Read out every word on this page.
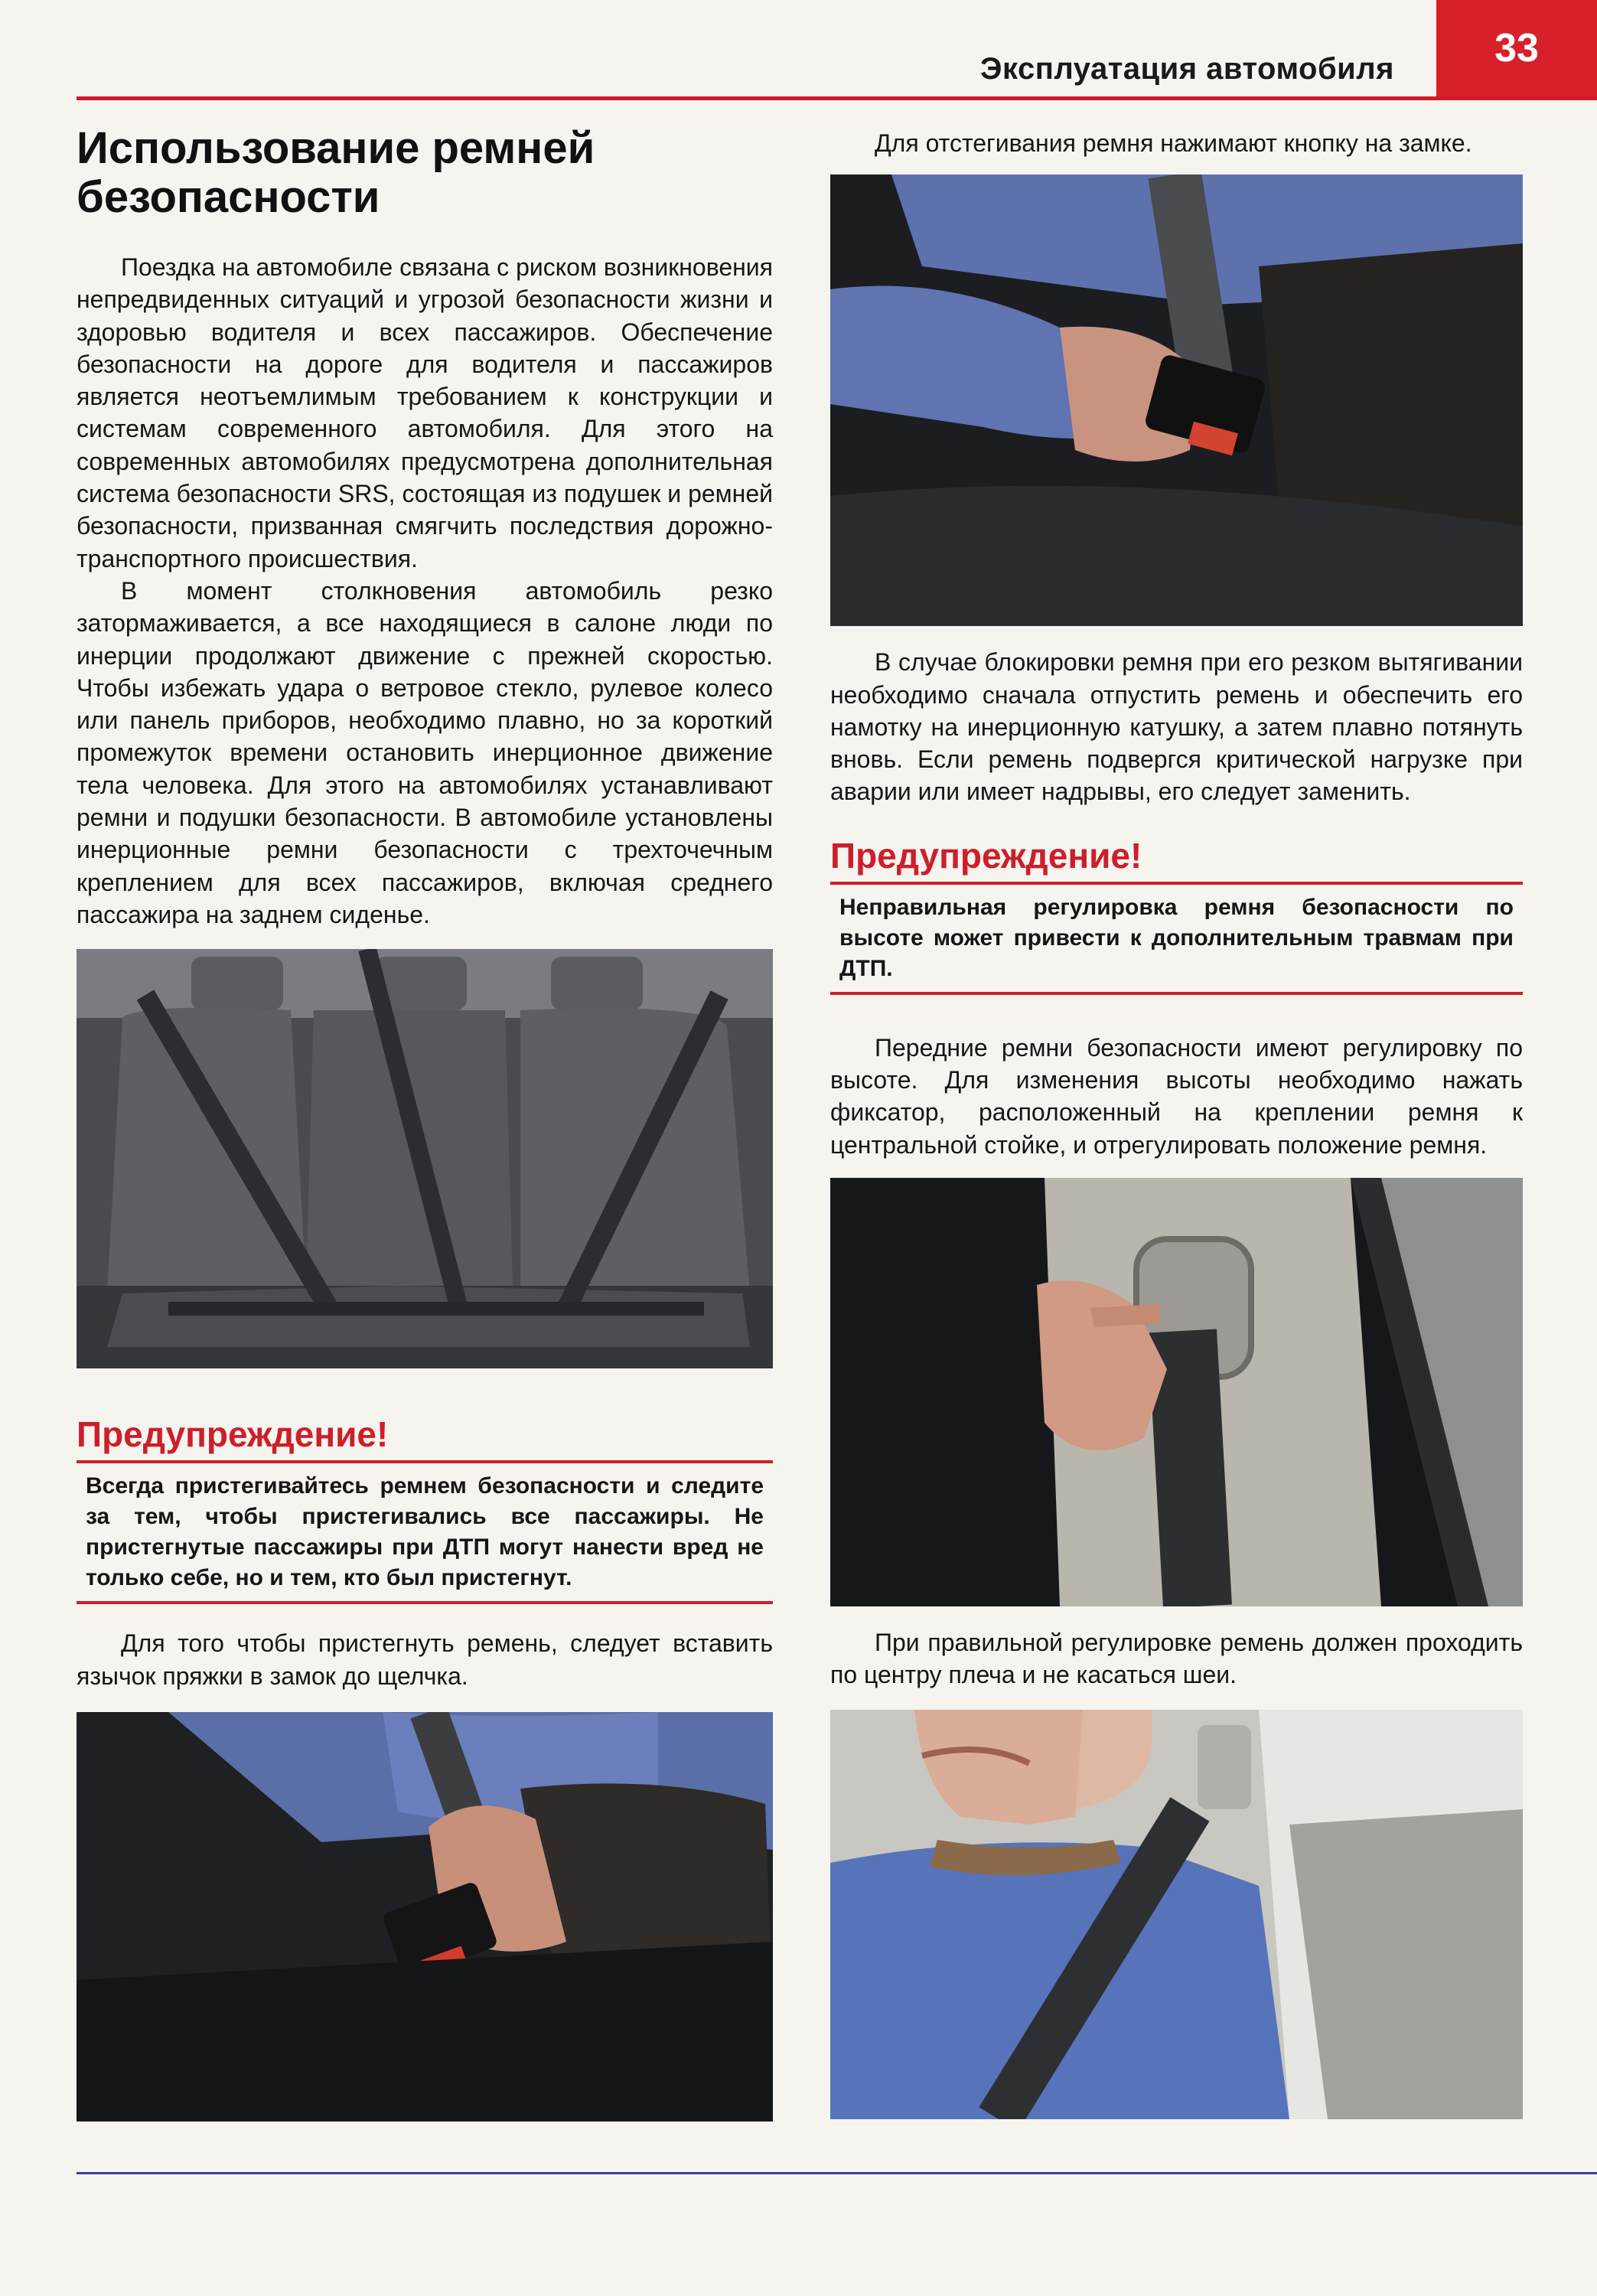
Эксплуатация автомобиля	33
Использование ремней
безопасности

Поездка на автомобиле связана с риском возникновения непредвиденных ситуаций и угрозой безопасности жизни и здоровью водителя и всех пассажиров. Обеспечение безопасности на дороге для водителя и пассажиров является неотъемлимым требованием к конструкции и системам современного автомобиля. Для этого на современных автомобилях предусмотрена дополнительная система безопасности SRS, состоящая из подушек и ремней безопасности, призванная смягчить последствия дорожно-транспортного происшествия.

В момент столкновения автомобиль резко затормаживается, а все находящиеся в салоне люди по инерции продолжают движение с прежней скоростью. Чтобы избежать удара о ветровое стекло, рулевое колесо или панель приборов, необходимо плавно, но за короткий промежуток времени остановить инерционное движение тела человека. Для этого на автомобилях устанавливают ремни и подушки безопасности. В автомобиле установлены инерционные ремни безопасности с трехточечным креплением для всех пассажиров, включая среднего пассажира на заднем сиденье.

Предупреждение!
Всегда пристегивайтесь ремнем безопасности и следите за тем, чтобы пристегивались все пассажиры. Не пристегнутые пассажиры при ДТП могут нанести вред не только себе, но и тем, кто был пристегнут.

Для того чтобы пристегнуть ремень, следует вставить язычок пряжки в замок до щелчка.

Для отстегивания ремня нажимают кнопку на замке.

В случае блокировки ремня при его резком вытягивании необходимо сначала отпустить ремень и обеспечить его намотку на инерционную катушку, а затем плавно потянуть вновь. Если ремень подвергся критической нагрузке при аварии или имеет надрывы, его следует заменить.

Предупреждение!
Неправильная регулировка ремня безопасности по высоте может привести к дополнительным травмам при ДТП.

Передние ремни безопасности имеют регулировку по высоте. Для изменения высоты необходимо нажать фиксатор, расположенный на креплении ремня к центральной стойке, и отрегулировать положение ремня.

При правильной регулировке ремень должен проходить по центру плеча и не касаться шеи.
